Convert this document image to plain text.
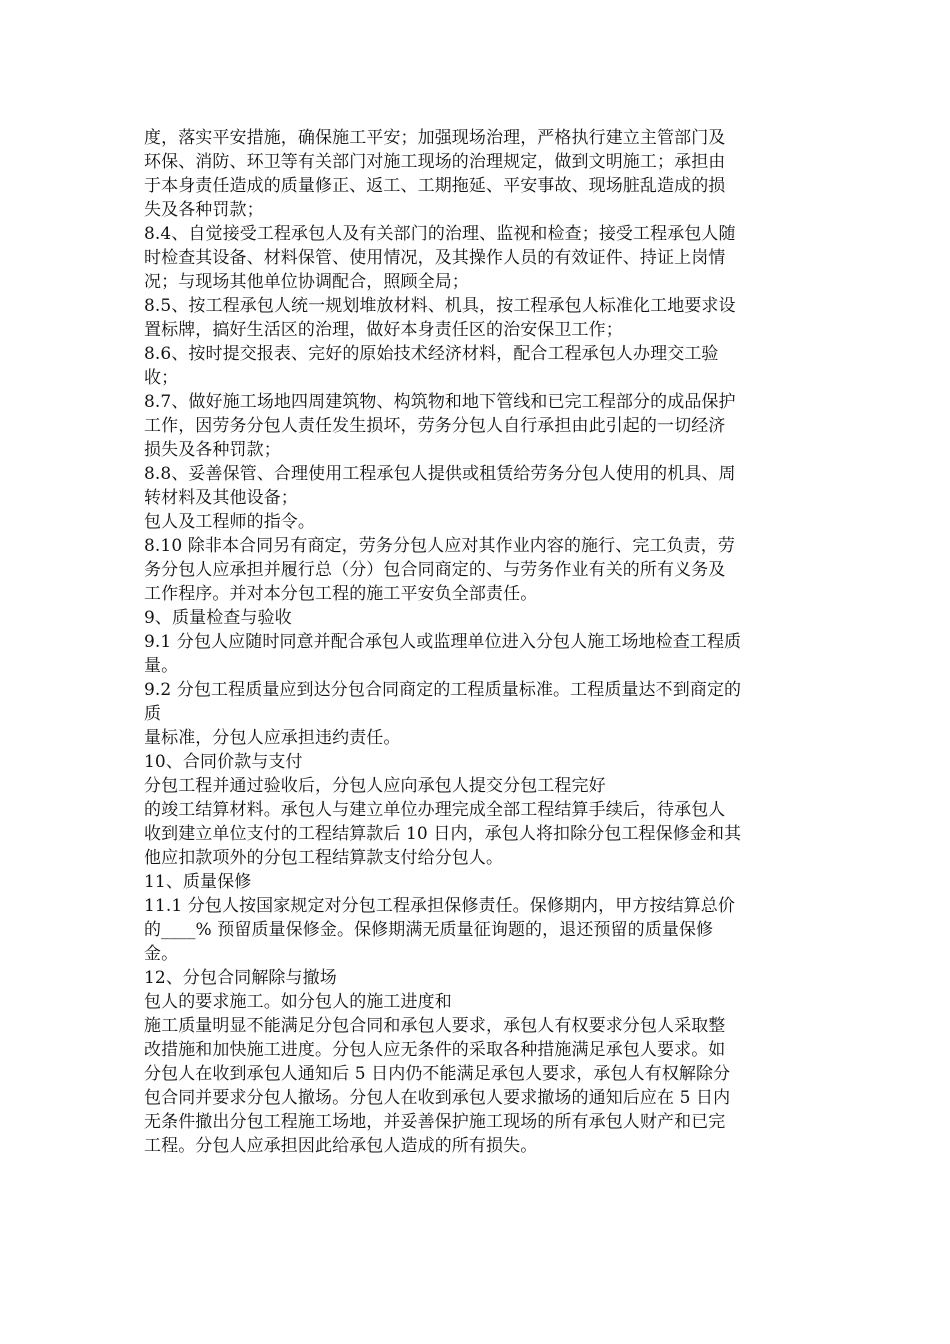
度，落实平安措施，确保施工平安；加强现场治理，严格执行建立主管部门及
环保、消防、环卫等有关部门对施工现场的治理规定，做到文明施工；承担由
于本身责任造成的质量修正、返工、工期拖延、平安事故、现场脏乱造成的损
失及各种罚款；
8.4、自觉接受工程承包人及有关部门的治理、监视和检查；接受工程承包人随
时检查其设备、材料保管、使用情况，及其操作人员的有效证件、持证上岗情
况；与现场其他单位协调配合，照顾全局；
8.5、按工程承包人统一规划堆放材料、机具，按工程承包人标准化工地要求设
置标牌，搞好生活区的治理，做好本身责任区的治安保卫工作；
8.6、按时提交报表、完好的原始技术经济材料，配合工程承包人办理交工验
收；
8.7、做好施工场地四周建筑物、构筑物和地下管线和已完工程部分的成品保护
工作，因劳务分包人责任发生损坏，劳务分包人自行承担由此引起的一切经济
损失及各种罚款；
8.8、妥善保管、合理使用工程承包人提供或租赁给劳务分包人使用的机具、周
转材料及其他设备；
包人及工程师的指令。
8.10 除非本合同另有商定，劳务分包人应对其作业内容的施行、完工负责，劳
务分包人应承担并履行总（分）包合同商定的、与劳务作业有关的所有义务及
工作程序。并对本分包工程的施工平安负全部责任。
9、质量检查与验收
9.1 分包人应随时同意并配合承包人或监理单位进入分包人施工场地检查工程质
量。
9.2 分包工程质量应到达分包合同商定的工程质量标准。工程质量达不到商定的
质
量标准，分包人应承担违约责任。
10、合同价款与支付
分包工程并通过验收后，分包人应向承包人提交分包工程完好
的竣工结算材料。承包人与建立单位办理完成全部工程结算手续后，待承包人
收到建立单位支付的工程结算款后 10 日内，承包人将扣除分包工程保修金和其
他应扣款项外的分包工程结算款支付给分包人。
11、质量保修
11.1 分包人按国家规定对分包工程承担保修责任。保修期内，甲方按结算总价
的____% 预留质量保修金。保修期满无质量征询题的，退还预留的质量保修
金。
12、分包合同解除与撤场
包人的要求施工。如分包人的施工进度和
施工质量明显不能满足分包合同和承包人要求，承包人有权要求分包人采取整
改措施和加快施工进度。分包人应无条件的采取各种措施满足承包人要求。如
分包人在收到承包人通知后 5 日内仍不能满足承包人要求，承包人有权解除分
包合同并要求分包人撤场。分包人在收到承包人要求撤场的通知后应在 5 日内
无条件撤出分包工程施工场地，并妥善保护施工现场的所有承包人财产和已完
工程。分包人应承担因此给承包人造成的所有损失。
